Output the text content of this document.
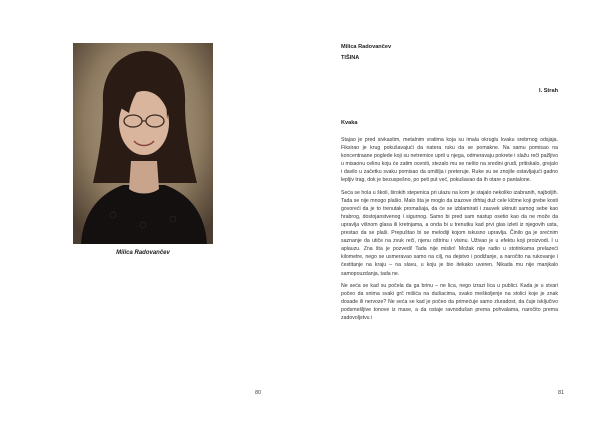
Milica Radovančev
80
Milica Radovančev
TIŠINA
I. Strah
Kvaka

Stajao je pred sivkastim, metalnim vratima koja su imala okruglu kvaku srebrnog odsjaja. Fiksirao je krug pokušavajući da natera ruku da se pomakne. Na samu pomisao na koncentraane poglede koji su netremice uprti u njega, odmeravaju pokrete i slažu reči pažljivo u misaonu celinu koju će zatim oceniti, stezalo mu se nešto na sredini grudi, pritiskalo, grejalo i davilo u začetku svaku pomisao da umišlja i preteruje. Ruke su se znojile ostavljajući gadno lepljiv trag, dok je bezuspešno, po peti put već, pokušavao da ih otare o pantalone.

Seća se hola u školi, širokih stepenica pri ulazu na kom je stajalo nekoliko izabranih, najboljih. Tada se nije mnogo plašio. Malo šta je moglo da izazove drhtaj duž cele kičme koji grebe kosti govoreći da je to trenutak promašaja, da će se izblamirati i zauvek ukinuti samog sebe kao hrabrog, dostojanstvenog i sigurnog. Samo bi pred sam nastup osetio kao da ne može da upravlja višnom glasa ili kretnjama, a onda bi u trenutku kad prvi glas izleti iz njegovih usta, prestao da se plaši. Prepuštao bi se melodiji kojom iskusno upravlja. Činilo ga je srećnim saznanje da utiče na zvuk reči, njenu oštrinu i visinu. Uživao je u efektu koji proizvodi. I u aplauzu. Zna šta je pozvedi! Tada nije mislio! Možak nije radio u stotinkama prelazeći kilometre, nego se usmeravao samo na cilj, na dejstvo i podižanje, a naročito na rukovanje i čestitanje na kraju – na slavu, u koju je bio itekako uveren. Nikada mu nije manjkalo samopouzdanja, tada ne.

Ne seća se kad su počela da ga brinu – ne lica, nego izrazi lica u publici. Kada je u stvari počeo da snima svaki grč mišića na duišacima, svako meškoljenje na stolici koje je znak dosade ili nervoze? Ne seća se kad je počeo da primećuje samo zluradost, da čuje isključivo podsmešljive tonove iz mase, a da ostaje ravnodušan prema pohvalama, naročito prema zadovoljstvu i

81
